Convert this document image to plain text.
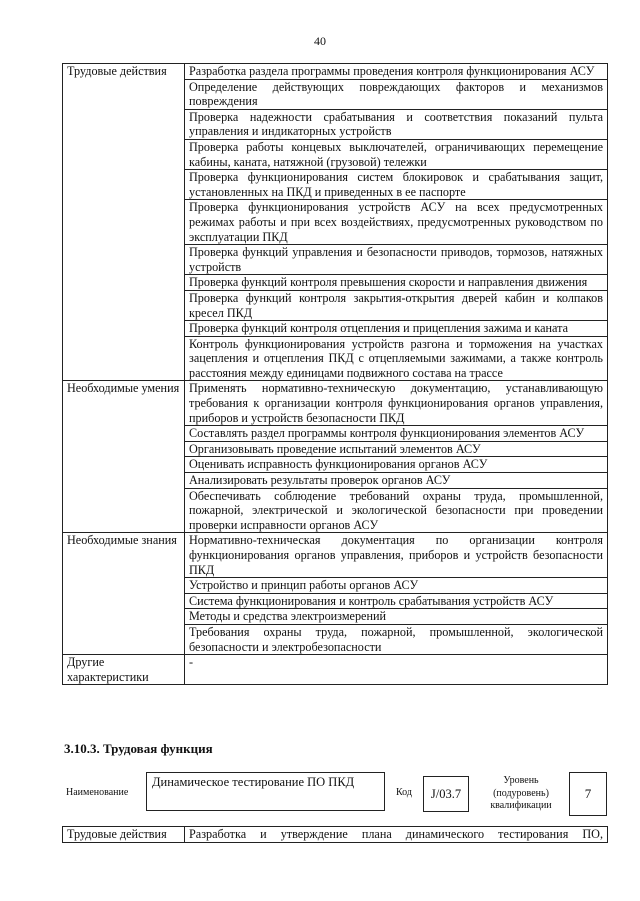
40
Трудовые действия	Разработка раздела программы проведения контроля функционирования АСУ
	Определение действующих повреждающих факторов и механизмов повреждения
	Проверка надежности срабатывания и соответствия показаний пульта управления и индикаторных устройств
	Проверка работы концевых выключателей, ограничивающих перемещение кабины, каната, натяжной (грузовой) тележки
	Проверка функционирования систем блокировок и срабатывания защит, установленных на ПКД и приведенных в ее паспорте
	Проверка функционирования устройств АСУ на всех предусмотренных режимах работы и при всех воздействиях, предусмотренных руководством по эксплуатации ПКД
	Проверка функций управления и безопасности приводов, тормозов, натяжных устройств
	Проверка функций контроля превышения скорости и направления движения
	Проверка функций контроля закрытия-открытия дверей кабин и колпаков кресел ПКД
	Проверка функций контроля отцепления и прицепления зажима и каната
	Контроль функционирования устройств разгона и торможения на участках зацепления и отцепления ПКД с отцепляемыми зажимами, а также контроль расстояния между единицами подвижного состава на трассе
Необходимые умения	Применять нормативно-техническую документацию, устанавливающую требования к организации контроля функционирования органов управления, приборов и устройств безопасности ПКД
	Составлять раздел программы контроля функционирования элементов АСУ
	Организовывать проведение испытаний элементов АСУ
	Оценивать исправность функционирования органов АСУ
	Анализировать результаты проверок органов АСУ
	Обеспечивать соблюдение требований охраны труда, промышленной, пожарной, электрической и экологической безопасности при проведении проверки исправности органов АСУ
Необходимые знания	Нормативно-техническая документация по организации контроля функционирования органов управления, приборов и устройств безопасности ПКД
	Устройство и принцип работы органов АСУ
	Система функционирования и контроль срабатывания устройств АСУ
	Методы и средства электроизмерений
	Требования охраны труда, пожарной, промышленной, экологической безопасности и электробезопасности
Другие характеристики	-
3.10.3. Трудовая функция
Наименование
Динамическое тестирование ПО ПКД
Код	J/03.7
Уровень
(подуровень)
квалификации
7
Трудовые действия	Разработка и утверждение плана динамического тестирования ПО,
